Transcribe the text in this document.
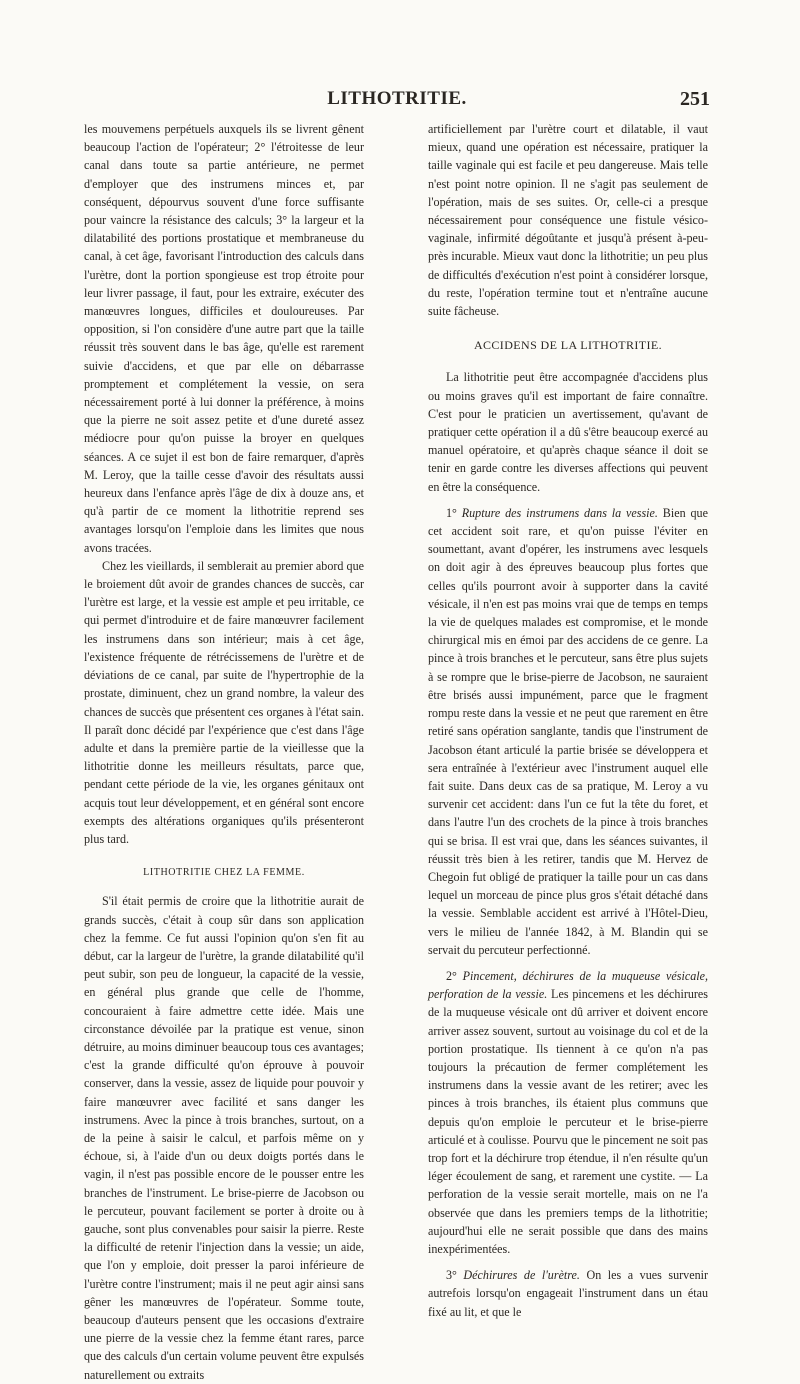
LITHOTRITIE.	251

les mouvemens perpétuels auxquels ils se livrent gênent beaucoup l'action de l'opérateur; 2° l'étroitesse de leur canal dans toute sa partie antérieure, ne permet d'employer que des instrumens minces et, par conséquent, dépourvus souvent d'une force suffisante pour vaincre la résistance des calculs; 3° la largeur et la dilatabilité des portions prostatique et membraneuse du canal, à cet âge, favorisant l'introduction des calculs dans l'urètre, dont la portion spongieuse est trop étroite pour leur livrer passage, il faut, pour les extraire, exécuter des manœuvres longues, difficiles et douloureuses. Par opposition, si l'on considère d'une autre part que la taille réussit très souvent dans le bas âge, qu'elle est rarement suivie d'accidens, et que par elle on débarrasse promptement et complétement la vessie, on sera nécessairement porté à lui donner la préférence, à moins que la pierre ne soit assez petite et d'une dureté assez médiocre pour qu'on puisse la broyer en quelques séances. A ce sujet il est bon de faire remarquer, d'après M. Leroy, que la taille cesse d'avoir des résultats aussi heureux dans l'enfance après l'âge de dix à douze ans, et qu'à partir de ce moment la lithotritie reprend ses avantages lorsqu'on l'emploie dans les limites que nous avons tracées.

Chez les vieillards, il semblerait au premier abord que le broiement dût avoir de grandes chances de succès, car l'urètre est large, et la vessie est ample et peu irritable, ce qui permet d'introduire et de faire manœuvrer facilement les instrumens dans son intérieur; mais à cet âge, l'existence fréquente de rétrécissemens de l'urètre et de déviations de ce canal, par suite de l'hypertrophie de la prostate, diminuent, chez un grand nombre, la valeur des chances de succès que présentent ces organes à l'état sain. Il paraît donc décidé par l'expérience que c'est dans l'âge adulte et dans la première partie de la vieillesse que la lithotritie donne les meilleurs résultats, parce que, pendant cette période de la vie, les organes génitaux ont acquis tout leur développement, et en général sont encore exempts des altérations organiques qu'ils présenteront plus tard.

LITHOTRITIE CHEZ LA FEMME.

S'il était permis de croire que la lithotritie aurait de grands succès, c'était à coup sûr dans son application chez la femme. Ce fut aussi l'opinion qu'on s'en fit au début, car la largeur de l'urètre, la grande dilatabilité qu'il peut subir, son peu de longueur, la capacité de la vessie, en général plus grande que celle de l'homme, concouraient à faire admettre cette idée. Mais une circonstance dévoilée par la pratique est venue, sinon détruire, au moins diminuer beaucoup tous ces avantages; c'est la grande difficulté qu'on éprouve à pouvoir conserver, dans la vessie, assez de liquide pour pouvoir y faire manœuvrer avec facilité et sans danger les instrumens. Avec la pince à trois branches, surtout, on a de la peine à saisir le calcul, et parfois même on y échoue, si, à l'aide d'un ou deux doigts portés dans le vagin, il n'est pas possible encore de le pousser entre les branches de l'instrument. Le brise-pierre de Jacobson ou le percuteur, pouvant facilement se porter à droite ou à gauche, sont plus convenables pour saisir la pierre. Reste la difficulté de retenir l'injection dans la vessie; un aide, que l'on y emploie, doit presser la paroi inférieure de l'urètre contre l'instrument; mais il ne peut agir ainsi sans gêner les manœuvres de l'opérateur. Somme toute, beaucoup d'auteurs pensent que les occasions d'extraire une pierre de la vessie chez la femme étant rares, parce que des calculs d'un certain volume peuvent être expulsés naturellement ou extraits

artificiellement par l'urètre court et dilatable, il vaut mieux, quand une opération est nécessaire, pratiquer la taille vaginale qui est facile et peu dangereuse. Mais telle n'est point notre opinion. Il ne s'agit pas seulement de l'opération, mais de ses suites. Or, celle-ci a presque nécessairement pour conséquence une fistule vésico-vaginale, infirmité dégoûtante et jusqu'à présent à-peu-près incurable. Mieux vaut donc la lithotritie; un peu plus de difficultés d'exécution n'est point à considérer lorsque, du reste, l'opération termine tout et n'entraîne aucune suite fâcheuse.

ACCIDENS DE LA LITHOTRITIE.

La lithotritie peut être accompagnée d'accidens plus ou moins graves qu'il est important de faire connaître. C'est pour le praticien un avertissement, qu'avant de pratiquer cette opération il a dû s'être beaucoup exercé au manuel opératoire, et qu'après chaque séance il doit se tenir en garde contre les diverses affections qui peuvent en être la conséquence.

1° Rupture des instrumens dans la vessie. Bien que cet accident soit rare, et qu'on puisse l'éviter en soumettant, avant d'opérer, les instrumens avec lesquels on doit agir à des épreuves beaucoup plus fortes que celles qu'ils pourront avoir à supporter dans la cavité vésicale, il n'en est pas moins vrai que de temps en temps la vie de quelques malades est compromise, et le monde chirurgical mis en émoi par des accidens de ce genre. La pince à trois branches et le percuteur, sans être plus sujets à se rompre que le brise-pierre de Jacobson, ne sauraient être brisés aussi impunément, parce que le fragment rompu reste dans la vessie et ne peut que rarement en être retiré sans opération sanglante, tandis que l'instrument de Jacobson étant articulé la partie brisée se développera et sera entraînée à l'extérieur avec l'instrument auquel elle fait suite. Dans deux cas de sa pratique, M. Leroy a vu survenir cet accident: dans l'un ce fut la tête du foret, et dans l'autre l'un des crochets de la pince à trois branches qui se brisa. Il est vrai que, dans les séances suivantes, il réussit très bien à les retirer, tandis que M. Hervez de Chegoin fut obligé de pratiquer la taille pour un cas dans lequel un morceau de pince plus gros s'était détaché dans la vessie. Semblable accident est arrivé à l'Hôtel-Dieu, vers le milieu de l'année 1842, à M. Blandin qui se servait du percuteur perfectionné.

2° Pincement, déchirures de la muqueuse vésicale, perforation de la vessie. Les pincemens et les déchirures de la muqueuse vésicale ont dû arriver et doivent encore arriver assez souvent, surtout au voisinage du col et de la portion prostatique. Ils tiennent à ce qu'on n'a pas toujours la précaution de fermer complétement les instrumens dans la vessie avant de les retirer; avec les pinces à trois branches, ils étaient plus communs que depuis qu'on emploie le percuteur et le brise-pierre articulé et à coulisse. Pourvu que le pincement ne soit pas trop fort et la déchirure trop étendue, il n'en résulte qu'un léger écoulement de sang, et rarement une cystite. — La perforation de la vessie serait mortelle, mais on ne l'a observée que dans les premiers temps de la lithotritie; aujourd'hui elle ne serait possible que dans des mains inexpérimentées.

3° Déchirures de l'urètre. On les a vues survenir autrefois lorsqu'on engageait l'instrument dans un étau fixé au lit, et que le
